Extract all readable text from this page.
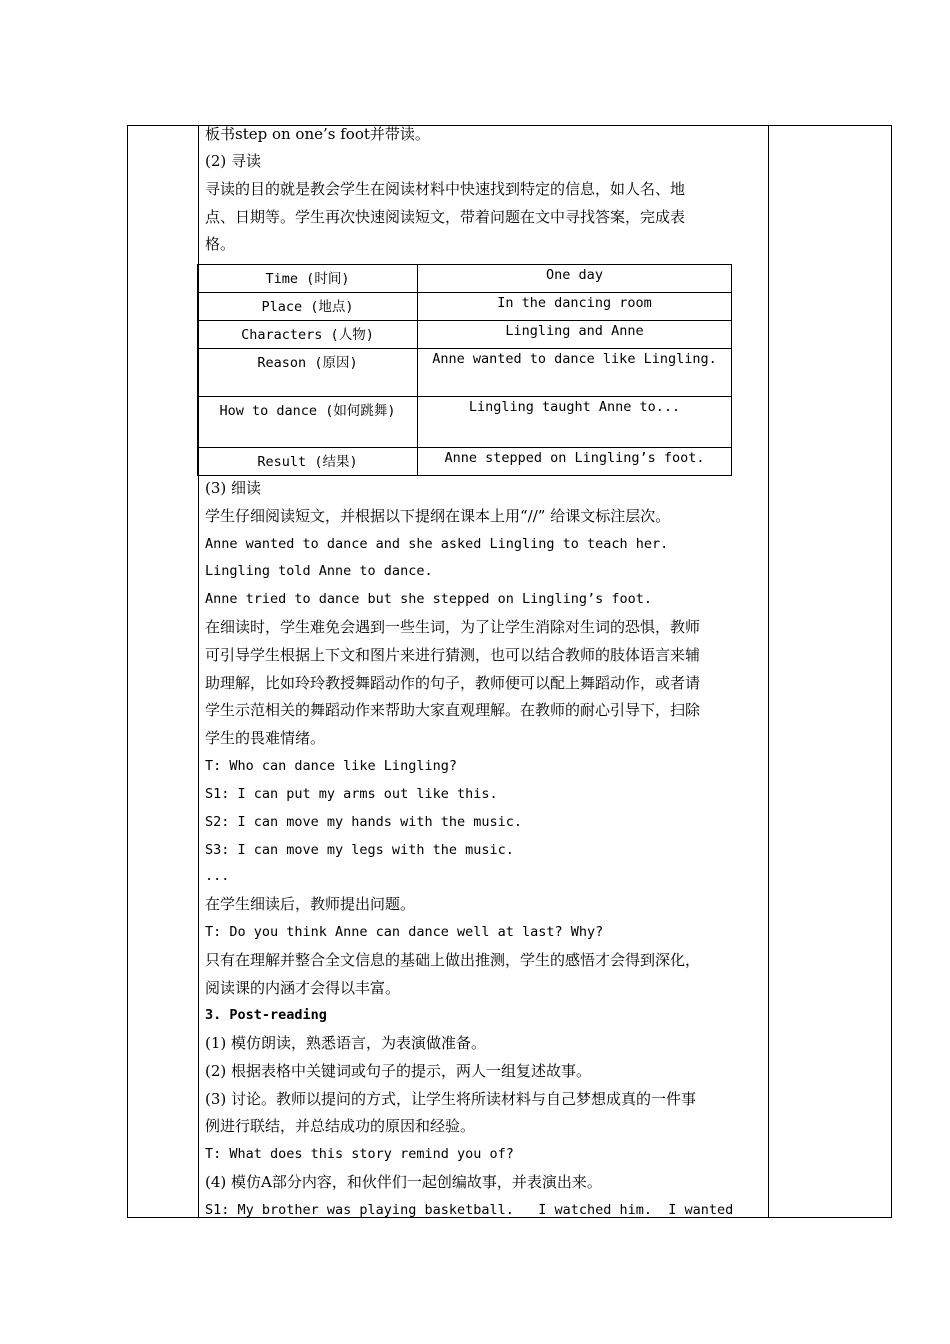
板书step on one’s foot并带读。
(2) 寻读
寻读的目的就是教会学生在阅读材料中快速找到特定的信息，如人名、地
点、日期等。学生再次快速阅读短文，带着问题在文中寻找答案，完成表
格。
Time (时间)	One day
Place (地点)	In the dancing room
Characters (人物)	Lingling and Anne
Reason (原因)	Anne wanted to dance like Lingling.
How to dance (如何跳舞)	Lingling taught Anne to...
Result (结果)	Anne stepped on Lingling’s foot.
(3) 细读
学生仔细阅读短文，并根据以下提纲在课本上用“//” 给课文标注层次。
Anne wanted to dance and she asked Lingling to teach her.
Lingling told Anne to dance.
Anne tried to dance but she stepped on Lingling’s foot.
在细读时，学生难免会遇到一些生词，为了让学生消除对生词的恐惧，教师
可引导学生根据上下文和图片来进行猜测，也可以结合教师的肢体语言来辅
助理解，比如玲玲教授舞蹈动作的句子，教师便可以配上舞蹈动作，或者请
学生示范相关的舞蹈动作来帮助大家直观理解。在教师的耐心引导下，扫除
学生的畏难情绪。
T: Who can dance like Lingling?
S1: I can put my arms out like this.
S2: I can move my hands with the music.
S3: I can move my legs with the music.
...
在学生细读后，教师提出问题。
T: Do you think Anne can dance well at last? Why?
只有在理解并整合全文信息的基础上做出推测，学生的感悟才会得到深化，
阅读课的内涵才会得以丰富。
3. Post-reading
(1) 模仿朗读，熟悉语言，为表演做准备。
(2) 根据表格中关键词或句子的提示，两人一组复述故事。
(3) 讨论。教师以提问的方式，让学生将所读材料与自己梦想成真的一件事
例进行联结，并总结成功的原因和经验。
T: What does this story remind you of?
(4) 模仿A部分内容，和伙伴们一起创编故事，并表演出来。
S1: My brother was playing basketball.   I watched him.  I wanted
